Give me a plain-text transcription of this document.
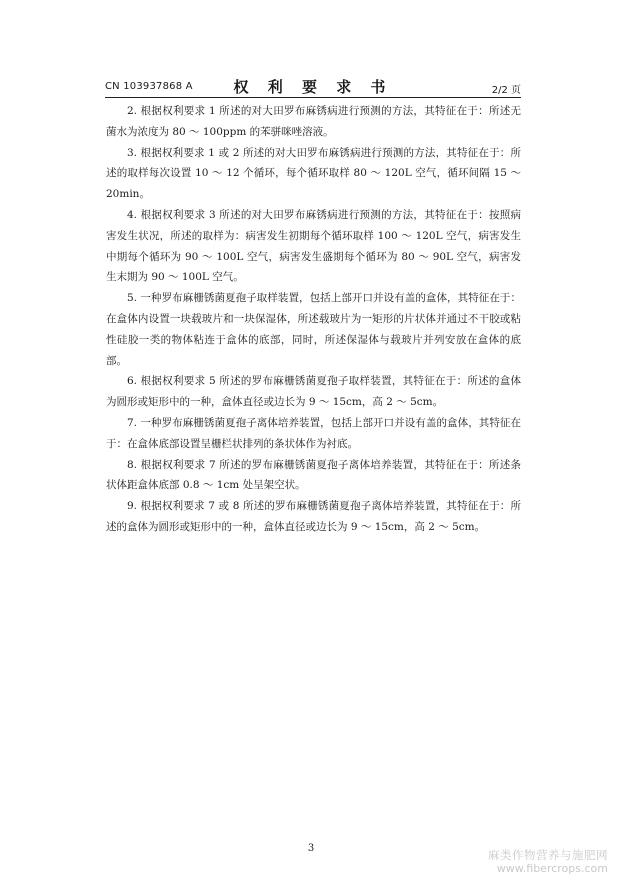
CN 103937868 A	权 利 要 求 书	2/2 页

2. 根据权利要求 1 所述的对大田罗布麻锈病进行预测的方法，其特征在于：所述无菌水为浓度为 80 ～ 100ppm 的苯骈咪唑溶液。

3. 根据权利要求 1 或 2 所述的对大田罗布麻锈病进行预测的方法，其特征在于：所述的取样每次设置 10 ～ 12 个循环，每个循环取样 80 ～ 120L 空气，循环间隔 15 ～ 20min。

4. 根据权利要求 3 所述的对大田罗布麻锈病进行预测的方法，其特征在于：按照病害发生状况，所述的取样为：病害发生初期每个循环取样 100 ～ 120L 空气，病害发生中期每个循环为 90 ～ 100L 空气，病害发生盛期每个循环为 80 ～ 90L 空气，病害发生末期为 90 ～ 100L 空气。

5. 一种罗布麻栅锈菌夏孢子取样装置，包括上部开口并设有盖的盒体，其特征在于：在盒体内设置一块载玻片和一块保湿体，所述载玻片为一矩形的片状体并通过不干胶或粘性硅胶一类的物体粘连于盒体的底部，同时，所述保湿体与载玻片并列安放在盒体的底部。

6. 根据权利要求 5 所述的罗布麻栅锈菌夏孢子取样装置，其特征在于：所述的盒体为圆形或矩形中的一种，盒体直径或边长为 9 ～ 15cm，高 2 ～ 5cm。

7. 一种罗布麻栅锈菌夏孢子离体培养装置，包括上部开口并设有盖的盒体，其特征在于：在盒体底部设置呈栅栏状排列的条状体作为衬底。

8. 根据权利要求 7 所述的罗布麻栅锈菌夏孢子离体培养装置，其特征在于：所述条状体距盒体底部 0.8 ～ 1cm 处呈架空状。

9. 根据权利要求 7 或 8 所述的罗布麻栅锈菌夏孢子离体培养装置，其特征在于：所述的盒体为圆形或矩形中的一种，盒体直径或边长为 9 ～ 15cm，高 2 ～ 5cm。

3	麻类作物营养与施肥网
www.fibercrops.com
